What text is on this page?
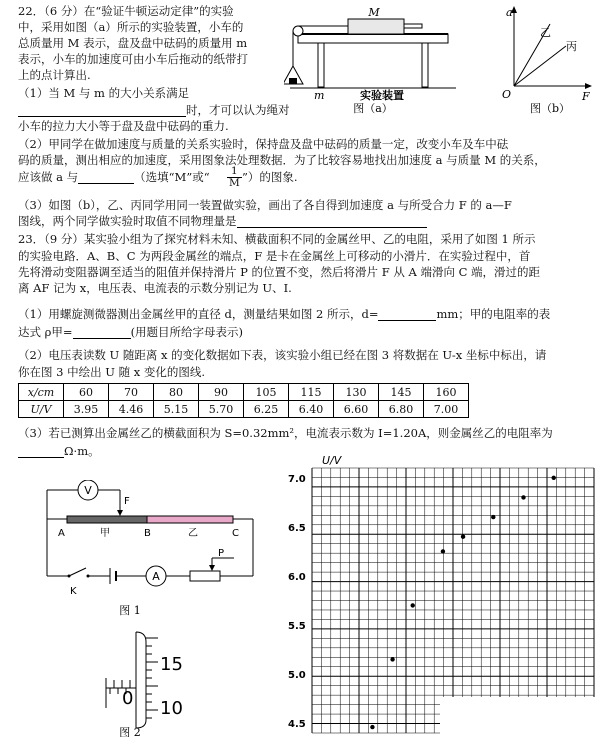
22．（6 分）在“验证牛顿运动定律”的实验
中，采用如图（a）所示的实验装置，小车的
总质量用 M 表示，盘及盘中砝码的质量用 m
表示，小车的加速度可由小车后拖动的纸带打
上的点计算出.
（1）当 M 与 m 的大小关系满足
时，才可以认为绳对
小车的拉力大小等于盘及盘中砝码的重力.
（2）甲同学在做加速度与质量的关系实验时，保持盘及盘中砝码的质量一定，改变小车及车中砝
码的质量，测出相应的加速度，采用图象法处理数据．为了比较容易地找出加速度 a 与质量 M 的关系，
应该做 a 与	（选填“M”或“ $\frac{1}{M}$ ”）的图象.
（3）如图（b），乙、丙同学用同一装置做实验，画出了各自得到加速度 a 与所受合力 F 的 a—F
图线，两个同学做实验时取值不同物理量是
M
m	实验装置
图（a）
a
乙
丙
O	F
图（b）
23．（9 分）某实验小组为了探究材料未知、横截面积不同的金属丝甲、乙的电阻，采用了如图 1 所示
的实验电路．A、B、C 为两段金属丝的端点，F 是卡在金属丝上可移动的小滑片．在实验过程中，首
先将滑动变阻器调至适当的阻值并保持滑片 P 的位置不变，然后将滑片 F 从 A 端滑向 C 端，滑过的距
离 AF 记为 x，电压表、电流表的示数分别记为 U、I.
（1）用螺旋测微器测出金属丝甲的直径 d，测量结果如图 2 所示，d=	mm；甲的电阻率的表
达式 ρ甲=	(用题目所给字母表示)
（2）电压表读数 U 随距离 x 的变化数据如下表，该实验小组已经在图 3 将数据在 U-x 坐标中标出，请
你在图 3 中绘出 U 随 x 变化的图线.
x/cm	60	70	80	90	105	115	130	145	160
U/V	3.95	4.46	5.15	5.70	6.25	6.40	6.60	6.80	7.00
（3）若已测算出金属丝乙的横截面积为 S=0.32mm²，电流表示数为 I=1.20A，则金属丝乙的电阻率为
Ω·m。
V
F
A	甲	B	乙	C
K
A
P
图 1
15
0 10
图 2
7.0
6.5
6.0
5.5
5.0
4.5
U/V
